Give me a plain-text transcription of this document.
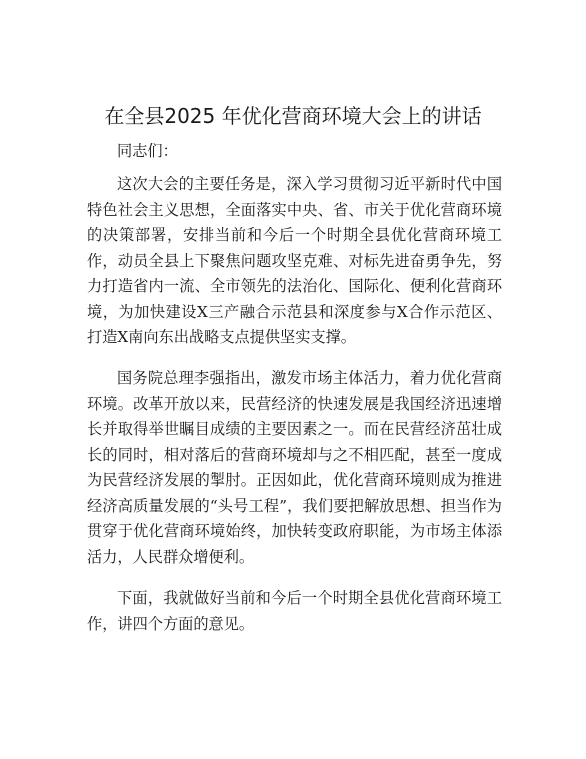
在全县2025 年优化营商环境大会上的讲话
同志们：

这次大会的主要任务是，深入学习贯彻习近平新时代中国特色社会主义思想，全面落实中央、省、市关于优化营商环境的决策部署，安排当前和今后一个时期全县优化营商环境工作，动员全县上下聚焦问题攻坚克难、对标先进奋勇争先，努力打造省内一流、全市领先的法治化、国际化、便利化营商环境，为加快建设X三产融合示范县和深度参与X合作示范区、打造X南向东出战略支点提供坚实支撑。

国务院总理李强指出，激发市场主体活力，着力优化营商环境。改革开放以来，民营经济的快速发展是我国经济迅速增长并取得举世瞩目成绩的主要因素之一。而在民营经济茁壮成长的同时，相对落后的营商环境却与之不相匹配，甚至一度成为民营经济发展的掣肘。正因如此，优化营商环境则成为推进经济高质量发展的“头号工程”，我们要把解放思想、担当作为贯穿于优化营商环境始终，加快转变政府职能，为市场主体添活力，人民群众增便利。

下面，我就做好当前和今后一个时期全县优化营商环境工作，讲四个方面的意见。
